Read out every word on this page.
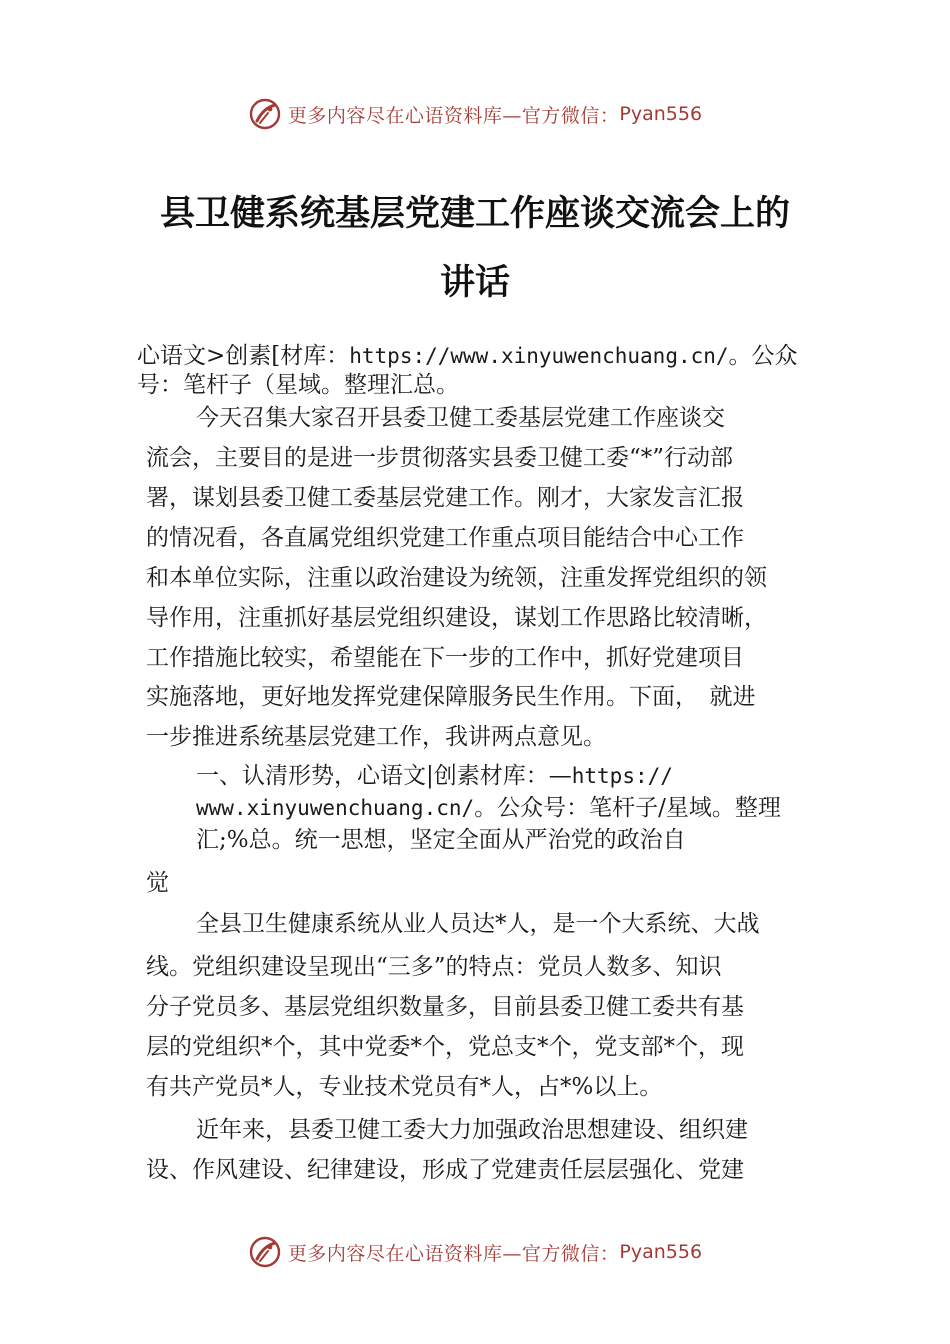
更多内容尽在心语资料库—官方微信： Pyan556
县卫健系统基层党建工作座谈交流会上的
讲话
心语文>创素[材库：https://www.xinyuwenchuang.cn/。公众
号：笔杆子（星域。整理汇总。
今天召集大家召开县委卫健工委基层党建工作座谈交
流会，主要目的是进一步贯彻落实县委卫健工委“*”行动部
署，谋划县委卫健工委基层党建工作。刚才，大家发言汇报
的情况看，各直属党组织党建工作重点项目能结合中心工作
和本单位实际，注重以政治建设为统领，注重发挥党组织的领
导作用，注重抓好基层党组织建设，谋划工作思路比较清晰，
工作措施比较实，希望能在下一步的工作中，抓好党建项目
实施落地，更好地发挥党建保障服务民生作用。下面，　就进
一步推进系统基层党建工作，我讲两点意见。
一、认清形势，心语文|创素材库：—https://
www.xinyuwenchuang.cn/。公众号：笔杆子/星域。整理
汇;%总。统一思想，坚定全面从严治党的政治自
觉
全县卫生健康系统从业人员达*人，是一个大系统、大战
线。党组织建设呈现出“三多”的特点：党员人数多、知识
分子党员多、基层党组织数量多，目前县委卫健工委共有基
层的党组织*个，其中党委*个，党总支*个，党支部*个，现
有共产党员*人，专业技术党员有*人，占*%以上。
近年来，县委卫健工委大力加强政治思想建设、组织建
设、作风建设、纪律建设，形成了党建责任层层强化、党建
更多内容尽在心语资料库—官方微信： Pyan556
